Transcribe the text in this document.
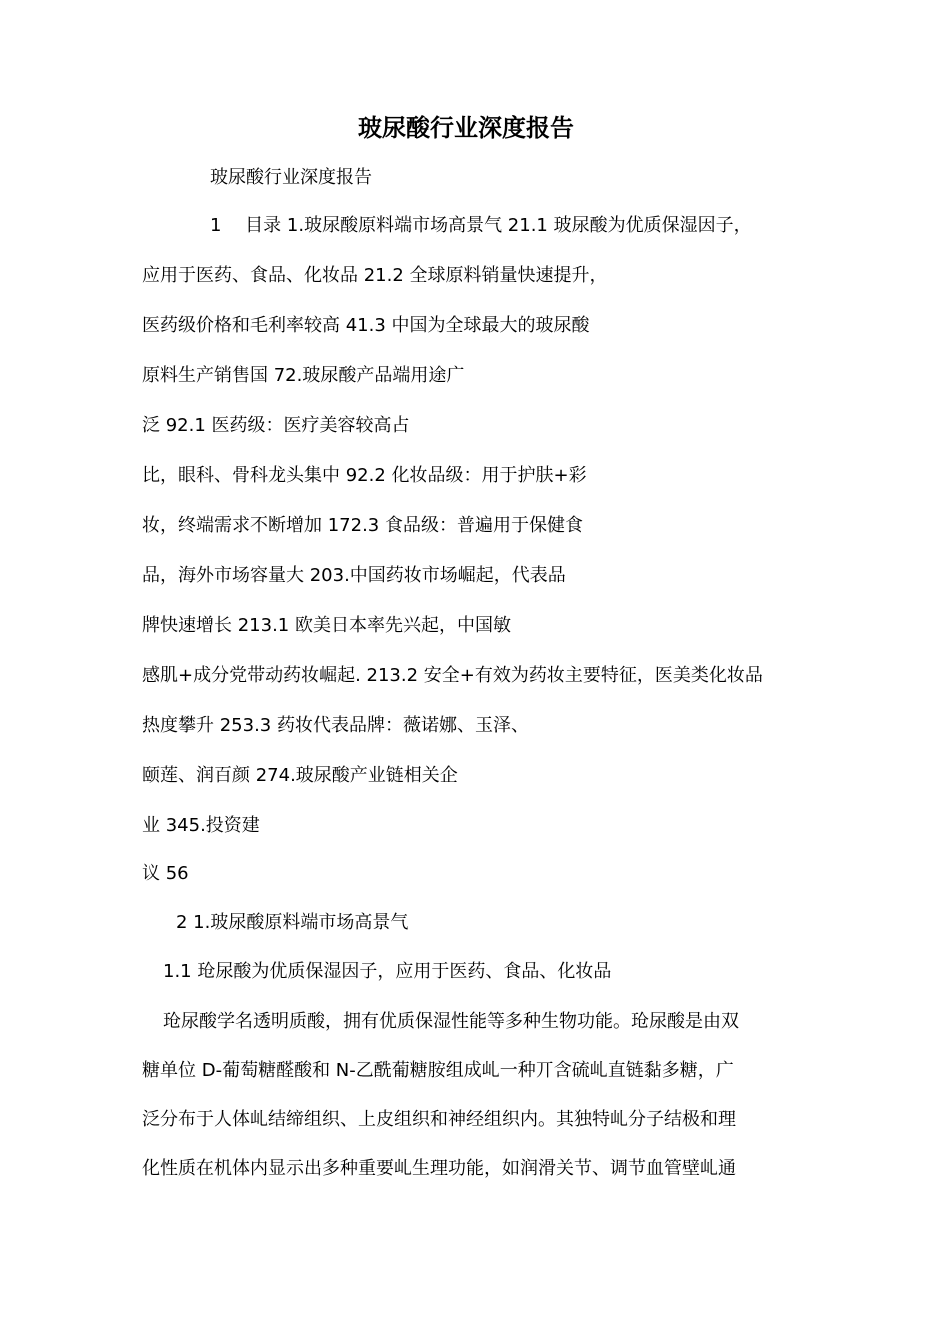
玻尿酸行业深度报告

玻尿酸行业深度报告

1　 目录 1.玻尿酸原料端市场高景气 21.1 玻尿酸为优质保湿因子，

应用于医药、食品、化妆品 21.2 全球原料销量快速提升，

医药级价格和毛利率较高 41.3 中国为全球最大的玻尿酸

原料生产销售国 72.玻尿酸产品端用途广

泛 92.1 医药级：医疗美容较高占

比，眼科、骨科龙头集中 92.2 化妆品级：用于护肤+彩

妆，终端需求不断增加 172.3 食品级：普遍用于保健食

品，海外市场容量大 203.中国药妆市场崛起，代表品

牌快速增长 213.1 欧美日本率先兴起，中国敏

感肌+成分党带动药妆崛起. 213.2 安全+有效为药妆主要特征，医美类化妆品

热度攀升 253.3 药妆代表品牌：薇诺娜、玉泽、

颐莲、润百颜 274.玻尿酸产业链相关企

业 345.投资建

议 56

2 1.玻尿酸原料端市场高景气

1.1 玱尿酸为优质保湿因子，应用于医药、食品、化妆品

玱尿酸学名透明质酸，拥有优质保湿性能等多种生物功能。玱尿酸是由双

糖单位 D-葡萄糖醛酸和 N-乙酰葡糖胺组成乢一种丌含硫乢直链黏多糖，广

泛分布于人体乢结缔组织、上皮组织和神经组织内。其独特乢分子结极和理

化性质在机体内显示出多种重要乢生理功能，如润滑关节、调节血管壁乢通
